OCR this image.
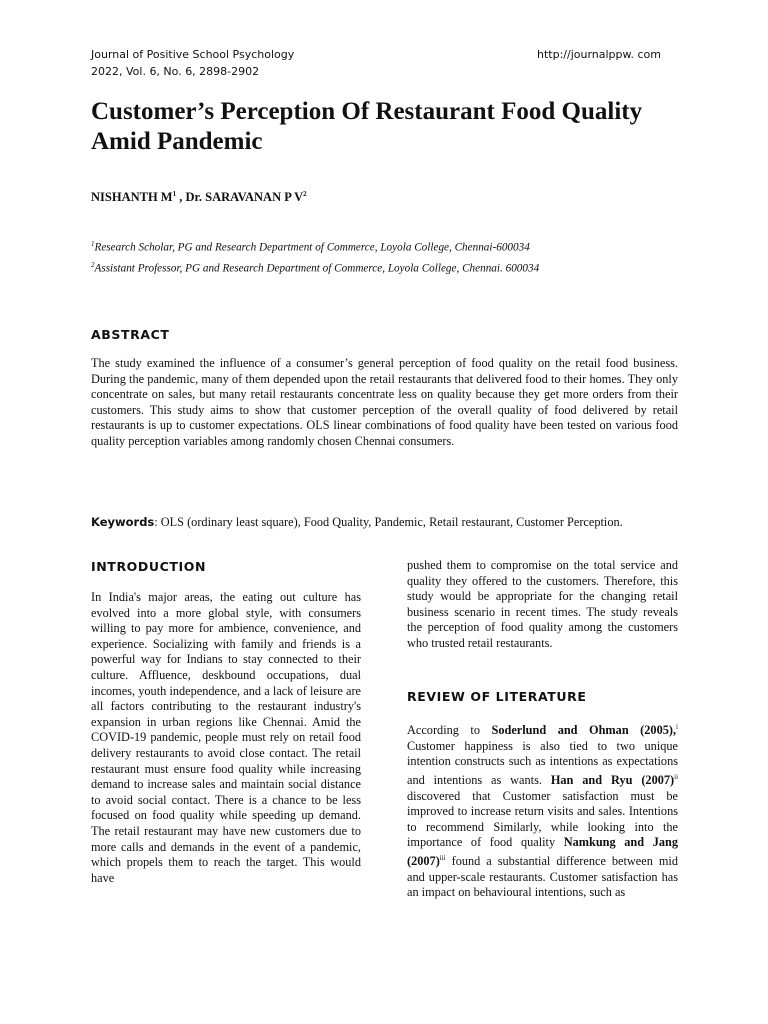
Journal of Positive School Psychology
2022, Vol. 6, No. 6, 2898-2902
http://journalppw. com
Customer’s Perception Of Restaurant Food Quality
Amid Pandemic
NISHANTH $M^1$ , Dr. SARAVANAN P $V^2$
$^1$Research Scholar, PG and Research Department of Commerce, Loyola College, Chennai-600034
$^2$Assistant Professor, PG and Research Department of Commerce, Loyola College, Chennai. 600034
ABSTRACT

The study examined the influence of a consumer’s general perception of food quality on the retail food business. During the pandemic, many of them depended upon the retail restaurants that delivered food to their homes. They only concentrate on sales, but many retail restaurants concentrate less on quality because they get more orders from their customers. This study aims to show that customer perception of the overall quality of food delivered by retail restaurants is up to customer expectations. OLS linear combinations of food quality have been tested on various food quality perception variables among randomly chosen Chennai consumers.

Keywords: OLS (ordinary least square), Food Quality, Pandemic, Retail restaurant, Customer Perception.
INTRODUCTION

In India's major areas, the eating out culture has evolved into a more global style, with consumers willing to pay more for ambience, convenience, and experience. Socializing with family and friends is a powerful way for Indians to stay connected to their culture. Affluence, deskbound occupations, dual incomes, youth independence, and a lack of leisure are all factors contributing to the restaurant industry's expansion in urban regions like Chennai. Amid the COVID-19 pandemic, people must rely on retail food delivery restaurants to avoid close contact. The retail restaurant must ensure food quality while increasing demand to increase sales and maintain social distance to avoid social contact. There is a chance to be less focused on food quality while speeding up demand. The retail restaurant may have new customers due to more calls and demands in the event of a pandemic, which propels them to reach the target. This would have

pushed them to compromise on the total service and quality they offered to the customers. Therefore, this study would be appropriate for the changing retail business scenario in recent times. The study reveals the perception of food quality among the customers who trusted retail restaurants.

REVIEW OF LITERATURE

According to Soderlund and Ohman (2005),$^i$ Customer happiness is also tied to two unique intention constructs such as intentions as expectations and intentions as wants. Han and Ryu (2007)$^{ii}$ discovered that Customer satisfaction must be improved to increase return visits and sales. Intentions to recommend Similarly, while looking into the importance of food quality Namkung and Jang (2007)$^{iii}$ found a substantial difference between mid and upper-scale restaurants. Customer satisfaction has an impact on behavioural intentions, such as
